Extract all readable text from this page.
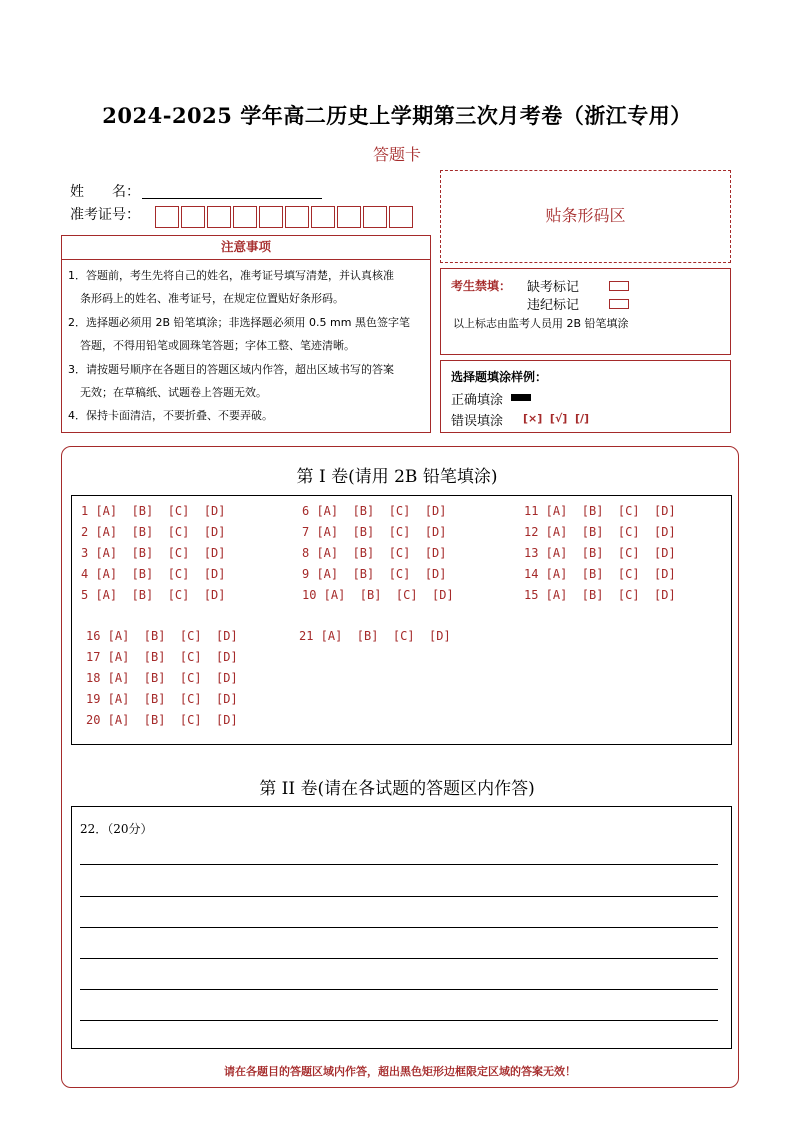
2024-2025 学年高二历史上学期第三次月考卷（浙江专用）
答题卡
姓　　名：
准考证号：
注意事项
1．答题前，考生先将自己的姓名，准考证号填写清楚，并认真核准
条形码上的姓名、准考证号，在规定位置贴好条形码。
2．选择题必须用 2B 铅笔填涂；非选择题必须用 0.5 mm 黑色签字笔
答题，不得用铅笔或圆珠笔答题；字体工整、笔迹清晰。
3．请按题号顺序在各题目的答题区域内作答，超出区域书写的答案
无效；在草稿纸、试题卷上答题无效。
4．保持卡面清洁，不要折叠、不要弄破。
贴条形码区
考生禁填： 缺考标记
违纪标记
以上标志由监考人员用 2B 铅笔填涂
选择题填涂样例：
正确填涂
错误填涂 [×]  [√]  [/]
第 I 卷(请用 2B 铅笔填涂)
1 [A]  [B]  [C]  [D]
2 [A]  [B]  [C]  [D]
3 [A]  [B]  [C]  [D]
4 [A]  [B]  [C]  [D]
5 [A]  [B]  [C]  [D]
6 [A]  [B]  [C]  [D]
7 [A]  [B]  [C]  [D]
8 [A]  [B]  [C]  [D]
9 [A]  [B]  [C]  [D]
10 [A]  [B]  [C]  [D]
11 [A]  [B]  [C]  [D]
12 [A]  [B]  [C]  [D]
13 [A]  [B]  [C]  [D]
14 [A]  [B]  [C]  [D]
15 [A]  [B]  [C]  [D]
16 [A]  [B]  [C]  [D]
17 [A]  [B]  [C]  [D]
18 [A]  [B]  [C]  [D]
19 [A]  [B]  [C]  [D]
20 [A]  [B]  [C]  [D]
21 [A]  [B]  [C]  [D]
第 II 卷(请在各试题的答题区内作答)
22．（20分）
请在各题目的答题区域内作答，超出黑色矩形边框限定区域的答案无效！
